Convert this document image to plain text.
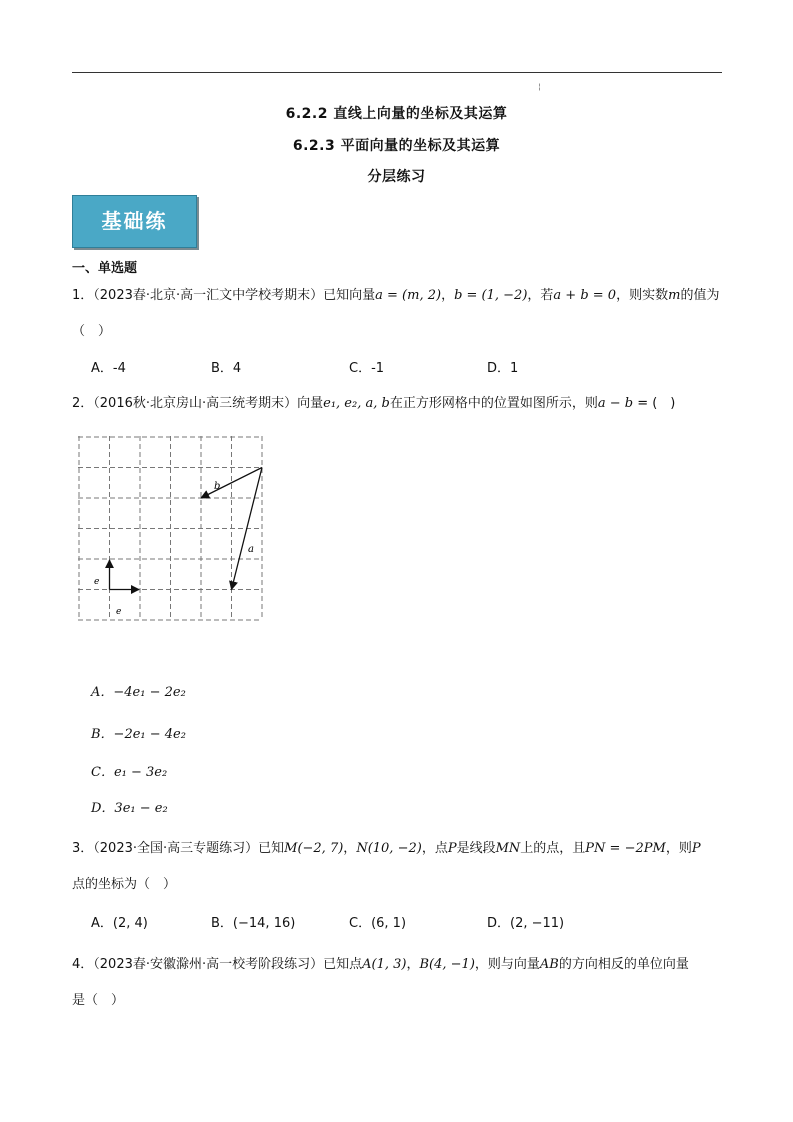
¦
6.2.2 直线上向量的坐标及其运算
6.2.3 平面向量的坐标及其运算
分层练习
基础练
一、单选题
1．（2023春·北京·高一汇文中学校考期末）已知向量a = (m, 2)，b = (1, −2)，若a + b = 0，则实数m的值为
（　）
A．-4	B．4	C．-1	D．1
2．（2016秋·北京房山·高三统考期末）向量e₁, e₂, a, b在正方形网格中的位置如图所示，则a − b = (　)
b
a
e
e
A．−4e₁ − 2e₂
B．−2e₁ − 4e₂
C．e₁ − 3e₂
D．3e₁ − e₂
3．（2023·全国·高三专题练习）已知M(−2, 7)，N(10, −2)，点P是线段MN上的点，且PN = −2PM，则P
点的坐标为（　）
A．(2, 4)	B．(−14, 16)	C．(6, 1)	D．(2, −11)
4．（2023春·安徽滁州·高一校考阶段练习）已知点A(1, 3)，B(4, −1)，则与向量AB的方向相反的单位向量
是（　）
